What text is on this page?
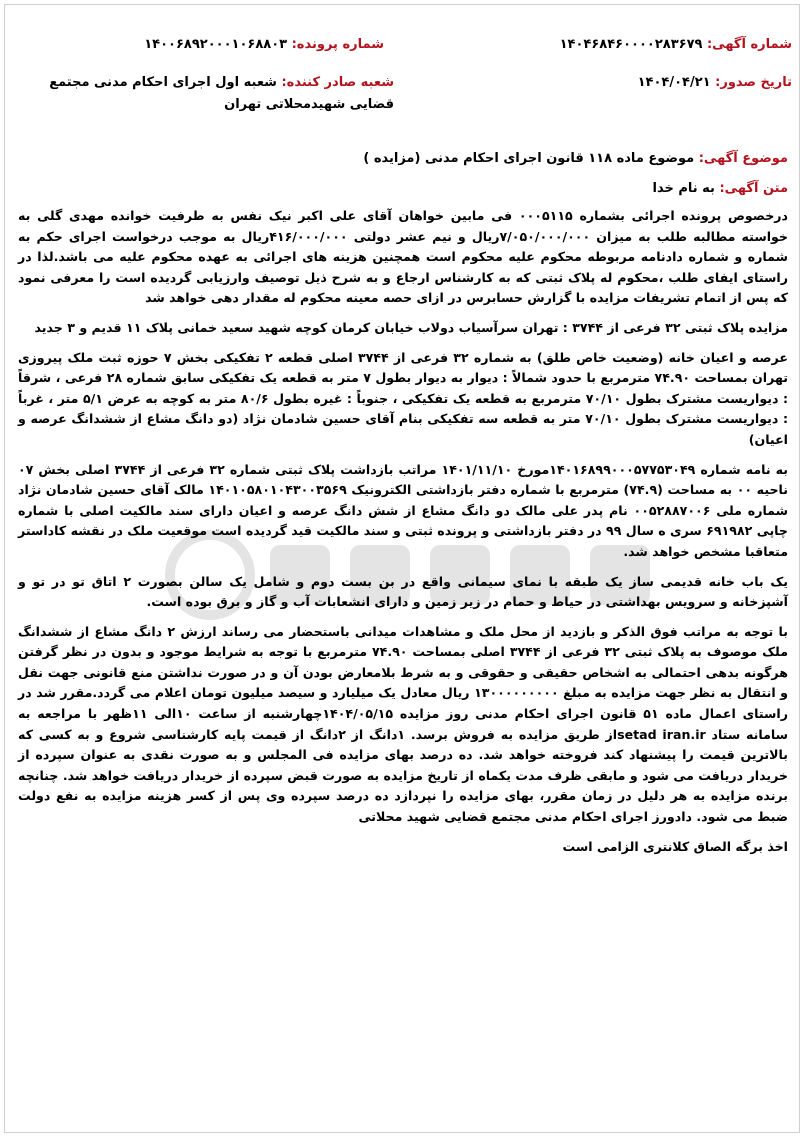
شماره آگهی: ۱۴۰۴۶۸۴۶۰۰۰۰۲۸۳۶۷۹
شماره پرونده: ۱۴۰۰۶۸۹۲۰۰۰۱۰۶۸۸۰۳
تاریخ صدور: ۱۴۰۴/۰۴/۲۱
شعبه صادر کننده: شعبه اول اجرای احکام مدنی مجتمع قضایی شهیدمحلاتی تهران
موضوع آگهی: موضوع ماده ۱۱۸ قانون اجرای احکام مدنی (مزایده )
متن آگهی: به نام خدا

درخصوص پرونده اجرائی بشماره ۰۰۰۵۱۱۵ فی مابین خواهان آقای علی اکبر نیک نفس به طرفیت خوانده مهدی گلی به خواسته مطالبه طلب به میزان ۷/۰۵۰/۰۰۰/۰۰۰ریال و نیم عشر دولتی ۴۱۶/۰۰۰/۰۰۰ریال به موجب درخواست اجرای حکم به شماره و شماره دادنامه مربوطه محکوم علیه محکوم است همچنین هزینه های اجرائی به عهده محکوم علیه می باشد.لذا در راستای ایفای طلب ،محکوم له پلاک ثبتی که به کارشناس ارجاع و به شرح ذیل توصیف وارزیابی گردیده است را معرفی نمود که پس از اتمام تشریفات مزایده با گزارش حسابرس در ازای حصه معینه محکوم له مقدار دهی خواهد شد

مزایده پلاک ثبتی ۳۲ فرعی از ۳۷۴۴ : تهران سرآسیاب دولاب خیابان کرمان کوچه شهید سعید خمانی پلاک ۱۱ قدیم و ۳ جدید

عرصه و اعیان خانه (وضعیت خاص طلق) به شماره ۳۲ فرعی از ۳۷۴۴ اصلی قطعه ۲ تفکیکی بخش ۷ حوزه ثبت ملک پیروزی تهران بمساحت ۷۴.۹۰ مترمربع با حدود شمالاً : دیوار به دیوار بطول ۷ متر به قطعه یک تفکیکی سابق شماره ۲۸ فرعی ، شرقاً : دیواریست مشترک بطول ۷۰/۱۰ مترمربع به قطعه یک تفکیکی ، جنوباً : غیره بطول ۸۰/۶ متر به کوچه به عرض ۵/۱ متر ، غرباً : دیواریست مشترک بطول ۷۰/۱۰ متر به قطعه سه تفکیکی بنام آقای حسین شادمان نژاد (دو دانگ مشاع از ششدانگ عرصه و اعیان)

به نامه شماره ۱۴۰۱۶۸۹۹۰۰۰۵۷۷۵۳۰۴۹مورخ ۱۴۰۱/۱۱/۱۰ مراتب بازداشت پلاک ثبتی شماره ۳۲ فرعی از ۳۷۴۴ اصلی بخش ۰۷ ناحیه ۰۰ به مساحت (۷۴.۹) مترمربع با شماره دفتر بازداشتی الکترونیک ۱۴۰۱۰۵۸۰۱۰۴۳۰۰۳۵۶۹ مالک آقای حسین شادمان نژاد شماره ملی ۰۰۵۲۸۸۷۰۰۶ نام پدر علی مالک دو دانگ مشاع از شش دانگ عرصه و اعیان دارای سند مالکیت اصلی با شماره چاپی ۶۹۱۹۸۲ سری ه سال ۹۹ در دفتر بازداشتی و پرونده ثبتی و سند مالکیت قید گردیده است موقعیت ملک در نقشه کاداستر متعاقبا مشخص خواهد شد.

یک باب خانه قدیمی ساز یک طبقه با نمای سیمانی واقع در بن بست دوم و شامل یک سالن بصورت ۲ اتاق تو در تو و آشپزخانه و سرویس بهداشتی در حیاط و حمام در زیر زمین و دارای انشعابات آب و گاز و برق بوده است.

با توجه به مراتب فوق الذکر و بازدید از محل ملک و مشاهدات میدانی باستحضار می رساند ارزش ۲ دانگ مشاع از ششدانگ ملک موصوف به پلاک ثبتی ۳۲ فرعی از ۳۷۴۴ اصلی بمساحت ۷۴.۹۰ مترمربع با توجه به شرایط موجود و بدون در نظر گرفتن هرگونه بدهی احتمالی به اشخاص حقیقی و حقوقی و به شرط بلامعارض بودن آن و در صورت نداشتن منع قانونی جهت نقل و انتقال به نظر جهت مزایده به مبلغ ۱۳۰۰۰۰۰۰۰۰۰ ریال معادل یک میلیارد و سیصد میلیون تومان اعلام می گردد.مقرر شد در راستای اعمال ماده ۵۱ قانون اجرای احکام مدنی روز مزایده ۱۴۰۴/۰۵/۱۵چهارشنبه از ساعت ۱۰الی ۱۱ظهر با مراجعه به سامانه ستاد setad iran.irاز طریق مزایده به فروش برسد. ۱دانگ از ۲دانگ از قیمت پایه کارشناسی شروع و به کسی که بالاترین قیمت را پیشنهاد کند فروخته خواهد شد. ده درصد بهای مزایده فی المجلس و به صورت نقدی به عنوان سپرده از خریدار دریافت می شود و مابقی ظرف مدت یکماه از تاریخ مزایده به صورت قبض سپرده از خریدار دریافت خواهد شد. چنانچه برنده مزایده به هر دلیل در زمان مقرر، بهای مزایده را نپردازد ده درصد سپرده وی پس از کسر هزینه مزایده به نفع دولت ضبط می شود. دادورز اجرای احکام مدنی مجتمع قضایی شهید محلاتی

اخذ برگه الصاق کلانتری الزامی است
